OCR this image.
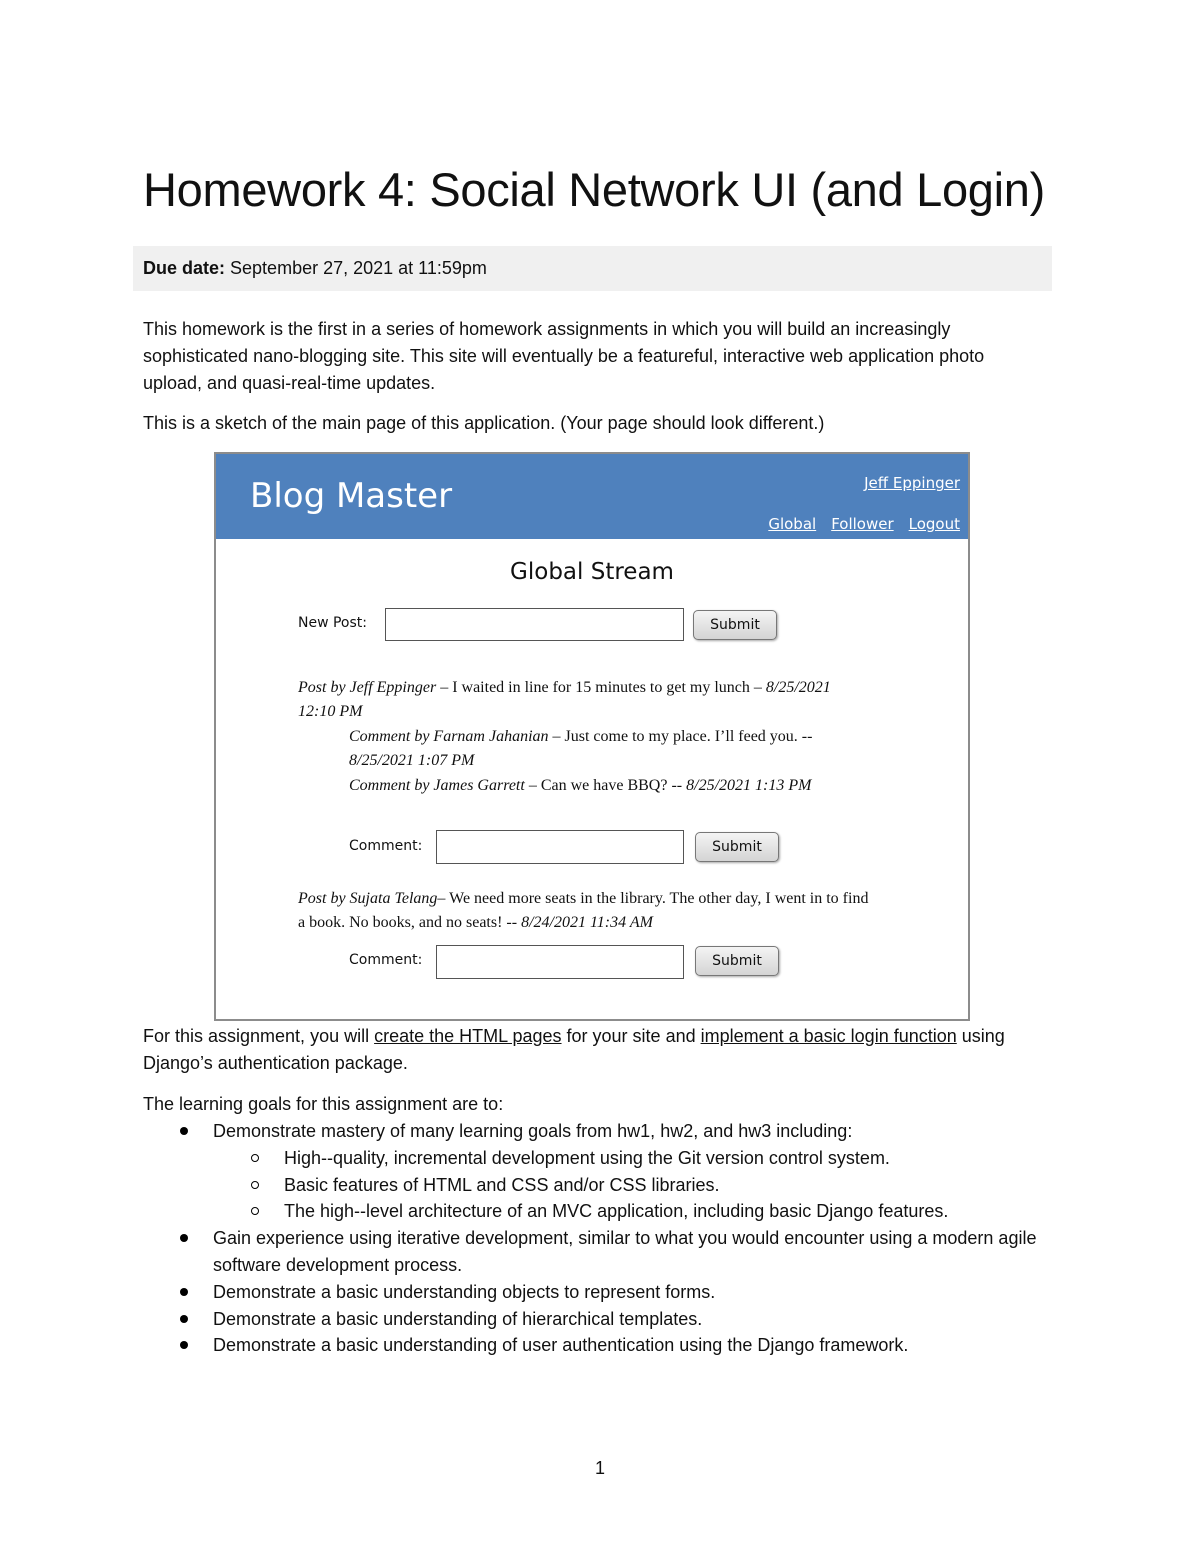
Homework 4: Social Network UI (and Login)
Due date: September 27, 2021 at 11:59pm

This homework is the first in a series of homework assignments in which you will build an increasingly sophisticated nano-blogging site. This site will eventually be a featureful, interactive web application photo upload, and quasi-real-time updates.

This is a sketch of the main page of this application. (Your page should look different.)

Blog Master	Jeff Eppinger
Global Follower Logout
Global Stream
New Post:	Submit

Post by Jeff Eppinger – I waited in line for 15 minutes to get my lunch – 8/25/2021 12:10 PM

Comment by Farnam Jahanian – Just come to my place. I’ll feed you. -- 8/25/2021 1:07 PM

Comment by James Garrett – Can we have BBQ? -- 8/25/2021 1:13 PM

Comment:	Submit

Post by Sujata Telang– We need more seats in the library. The other day, I went in to find a book. No books, and no seats! -- 8/24/2021 11:34 AM

Comment:	Submit

For this assignment, you will create the HTML pages for your site and implement a basic login function using Django’s authentication package.

The learning goals for this assignment are to:

Demonstrate mastery of many learning goals from hw1, hw2, and hw3 including:
High--quality, incremental development using the Git version control system.
Basic features of HTML and CSS and/or CSS libraries.
The high--level architecture of an MVC application, including basic Django features.
Gain experience using iterative development, similar to what you would encounter using a modern agile software development process.
Demonstrate a basic understanding objects to represent forms.
Demonstrate a basic understanding of hierarchical templates.
Demonstrate a basic understanding of user authentication using the Django framework.
1
